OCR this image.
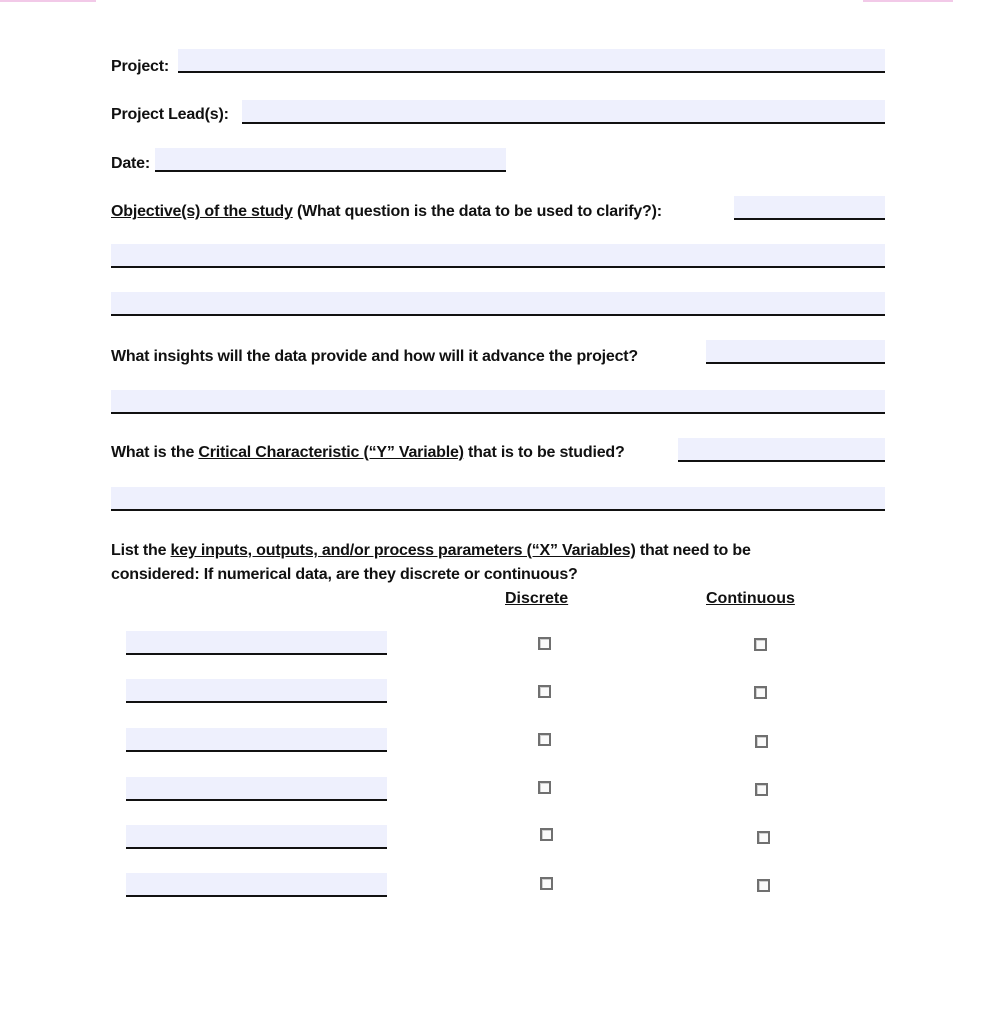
Project:
Project Lead(s):
Date:
Objective(s) of the study (What question is the data to be used to clarify?):
What insights will the data provide and how will it advance the project?
What is the Critical Characteristic (“Y” Variable) that is to be studied?
List the key inputs, outputs, and/or process parameters (“X” Variables) that need to be
considered: If numerical data, are they discrete or continuous?
Discrete	Continuous
